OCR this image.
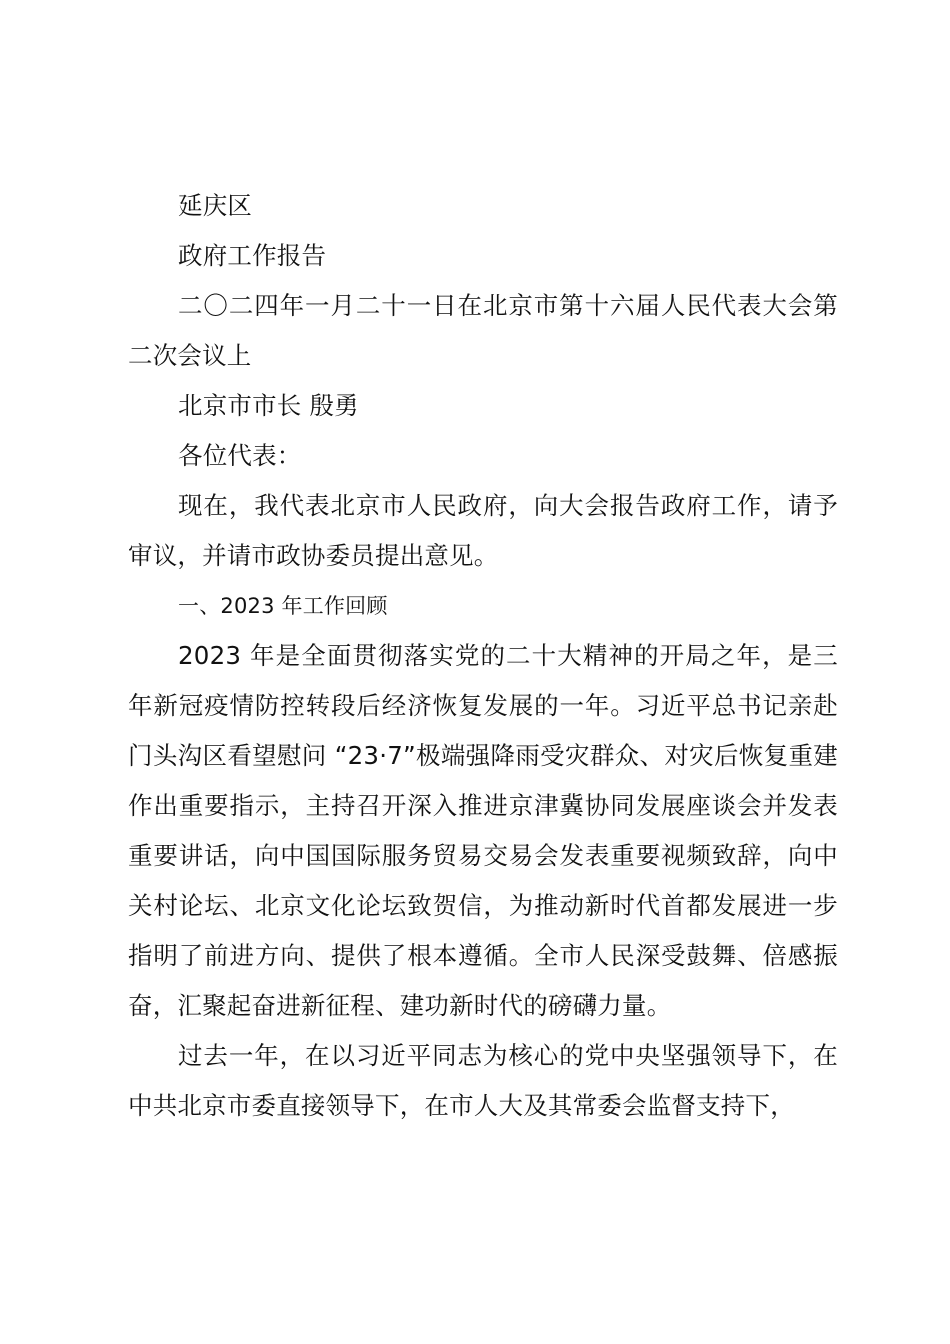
延庆区

政府工作报告

二〇二四年一月二十一日在北京市第十六届人民代表大会第二次会议上

北京市市长 殷勇

各位代表：

现在，我代表北京市人民政府，向大会报告政府工作，请予审议，并请市政协委员提出意见。

一、2023 年工作回顾

2023 年是全面贯彻落实党的二十大精神的开局之年，是三年新冠疫情防控转段后经济恢复发展的一年。习近平总书记亲赴门头沟区看望慰问 “23·7”极端强降雨受灾群众、对灾后恢复重建作出重要指示，主持召开深入推进京津冀协同发展座谈会并发表重要讲话，向中国国际服务贸易交易会发表重要视频致辞，向中关村论坛、北京文化论坛致贺信，为推动新时代首都发展进一步指明了前进方向、提供了根本遵循。全市人民深受鼓舞、倍感振奋，汇聚起奋进新征程、建功新时代的磅礴力量。

过去一年，在以习近平同志为核心的党中央坚强领导下，在中共北京市委直接领导下，在市人大及其常委会监督支持下，
